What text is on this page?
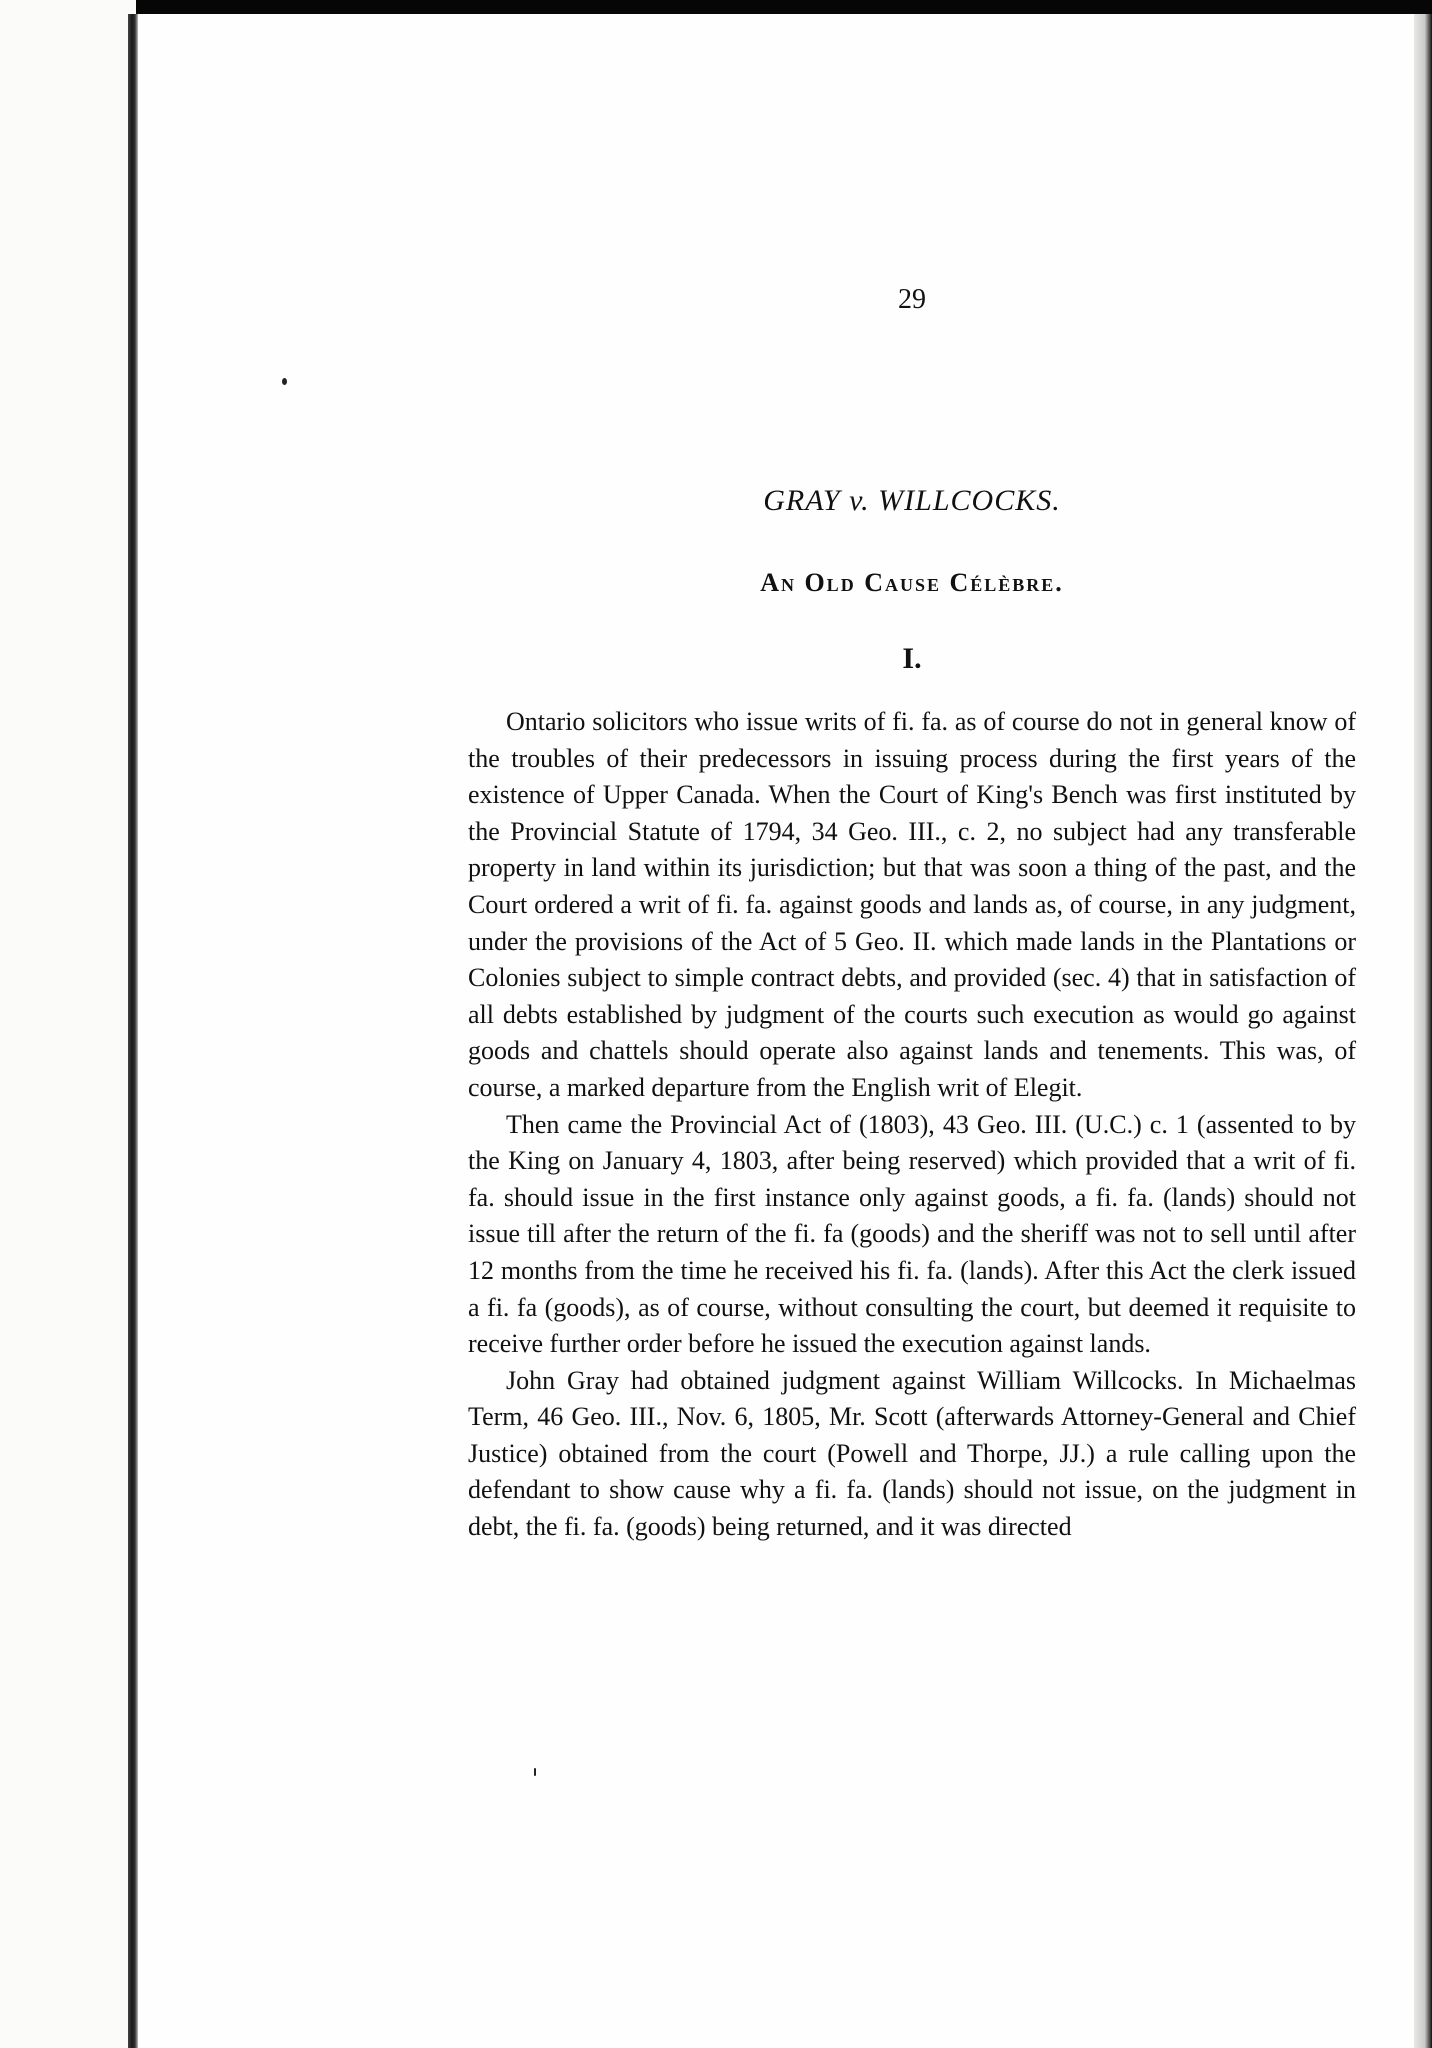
29
GRAY v. WILLCOCKS.
An Old Cause Célèbre.
I.

Ontario solicitors who issue writs of fi. fa. as of course do not in general know of the troubles of their predecessors in issuing process during the first years of the existence of Upper Canada. When the Court of King's Bench was first instituted by the Provincial Statute of 1794, 34 Geo. III., c. 2, no subject had any transferable property in land within its jurisdiction; but that was soon a thing of the past, and the Court ordered a writ of fi. fa. against goods and lands as, of course, in any judgment, under the provisions of the Act of 5 Geo. II. which made lands in the Plantations or Colonies subject to simple contract debts, and provided (sec. 4) that in satisfaction of all debts established by judgment of the courts such execution as would go against goods and chattels should operate also against lands and tenements. This was, of course, a marked departure from the English writ of Elegit.

Then came the Provincial Act of (1803), 43 Geo. III. (U.C.) c. 1 (assented to by the King on January 4, 1803, after being reserved) which provided that a writ of fi. fa. should issue in the first instance only against goods, a fi. fa. (lands) should not issue till after the return of the fi. fa (goods) and the sheriff was not to sell until after 12 months from the time he received his fi. fa. (lands). After this Act the clerk issued a fi. fa (goods), as of course, without consulting the court, but deemed it requisite to receive further order before he issued the execution against lands.

John Gray had obtained judgment against William Willcocks. In Michaelmas Term, 46 Geo. III., Nov. 6, 1805, Mr. Scott (afterwards Attorney-General and Chief Justice) obtained from the court (Powell and Thorpe, JJ.) a rule calling upon the defendant to show cause why a fi. fa. (lands) should not issue, on the judgment in debt, the fi. fa. (goods) being returned, and it was directed
